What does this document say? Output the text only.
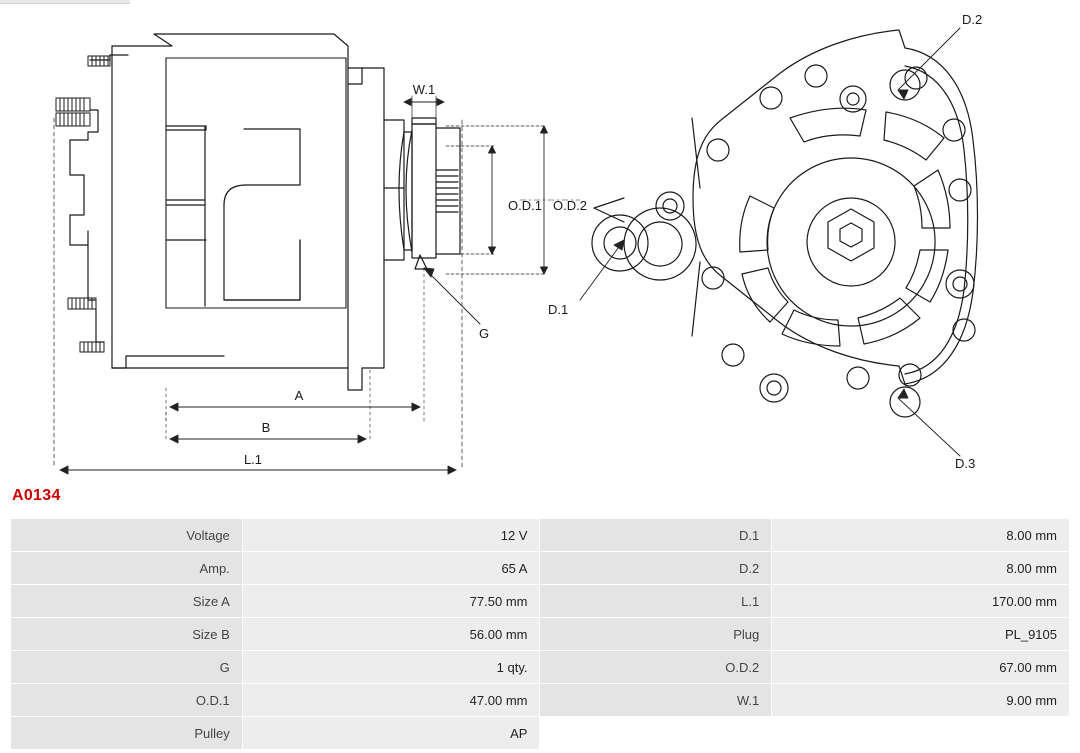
W.1
O.D.1 O.D.2
G
A
B
L.1
D.2
D.1
D.3
A0134
Voltage	12 V	D.1	8.00 mm
Amp.	65 A	D.2	8.00 mm
Size A	77.50 mm	L.1	170.00 mm
Size B	56.00 mm	Plug	PL_9105
G	1 qty.	O.D.2	67.00 mm
O.D.1	47.00 mm	W.1	9.00 mm
Pulley	AP		
